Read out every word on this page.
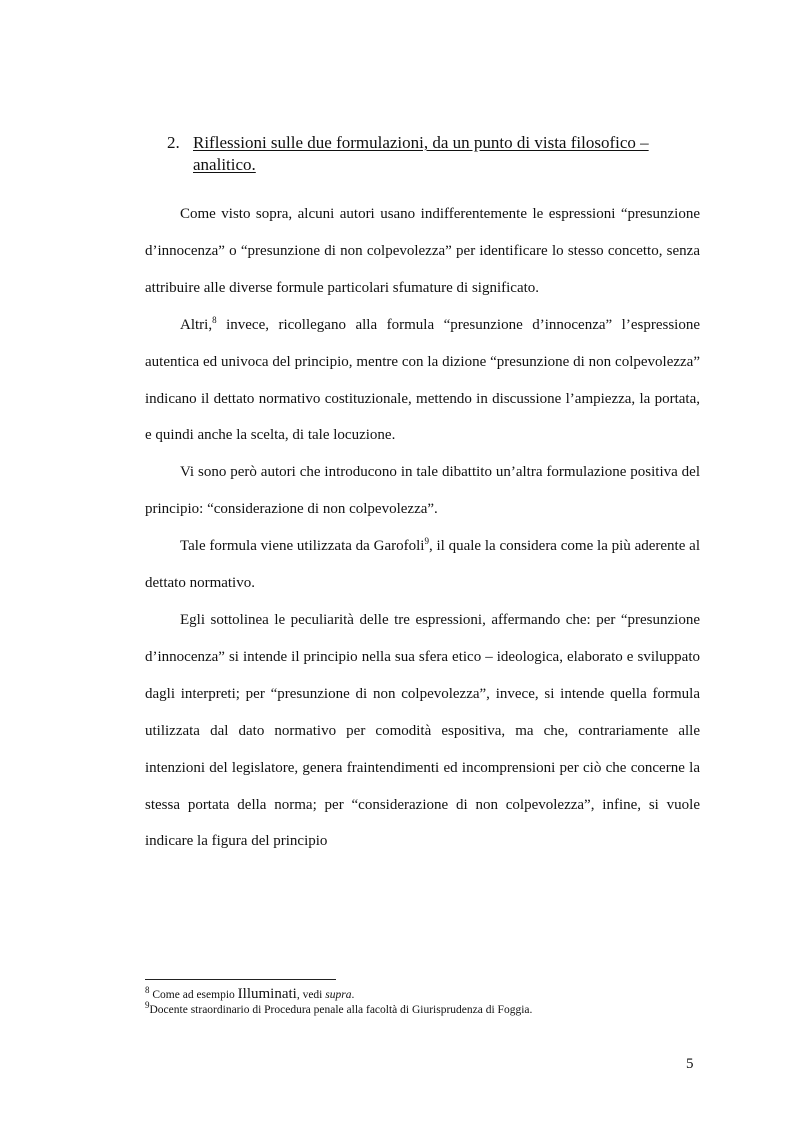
2. Riflessioni sulle due formulazioni, da un punto di vista filosofico – analitico.

Come visto sopra, alcuni autori usano indifferentemente le espressioni “presunzione d’innocenza” o “presunzione di non colpevolezza” per identificare lo stesso concetto, senza attribuire alle diverse formule particolari sfumature di significato.

Altri,$^8$ invece, ricollegano alla formula “presunzione d’innocenza” l’espressione autentica ed univoca del principio, mentre con la dizione “presunzione di non colpevolezza” indicano il dettato normativo costituzionale, mettendo in discussione l’ampiezza, la portata, e quindi anche la scelta, di tale locuzione.

Vi sono però autori che introducono in tale dibattito un’altra formulazione positiva del principio: “considerazione di non colpevolezza”.

Tale formula viene utilizzata da Garofoli$^9$, il quale la considera come la più aderente al dettato normativo.

Egli sottolinea le peculiarità delle tre espressioni, affermando che: per “presunzione d’innocenza” si intende il principio nella sua sfera etico – ideologica, elaborato e sviluppato dagli interpreti; per “presunzione di non colpevolezza”, invece, si intende quella formula utilizzata dal dato normativo per comodità espositiva, ma che, contrariamente alle intenzioni del legislatore, genera fraintendimenti ed incomprensioni per ciò che concerne la stessa portata della norma; per “considerazione di non colpevolezza”, infine, si vuole indicare la figura del principio

$^8$ Come ad esempio Illuminati, vedi supra.

$^9$Docente straordinario di Procedura penale alla facoltà di Giurisprudenza di Foggia.

5
